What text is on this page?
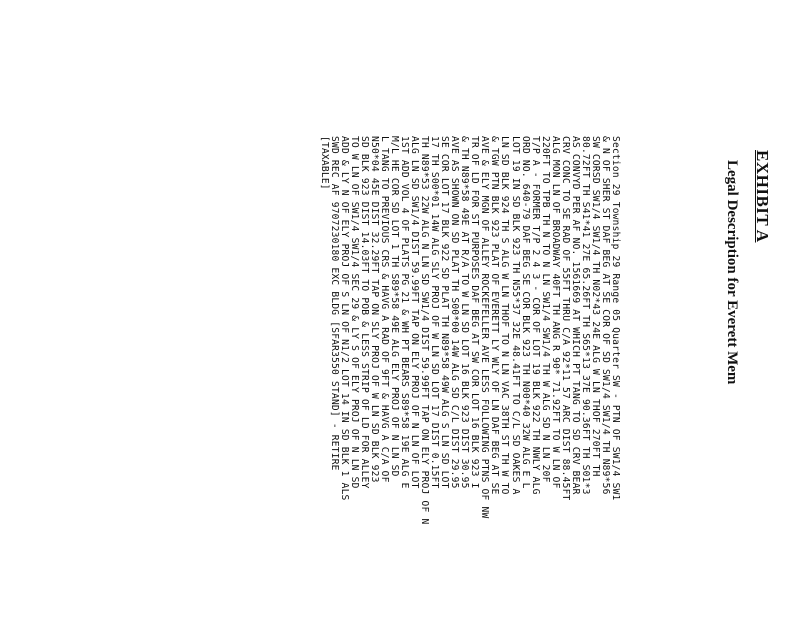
EXHIBIT A
Legal Description for Everett Mem
Section 29 Township 29 Range 05 Quarter SW - PTN OF SW1/4 SW1
& N OF SHER ST DAF BEG AT SE COR OF SD SW1/4 SW1/4 TH N89*56
SW CORSD SW1/4 SW1/4 TH N02*43 24E ALG W LN THOF 270FT TH
80.72FT TH S41*41 27E 65.26FT TH S65*13 37E 90.36FT TH S01*3
AS CONVYD PER AF NO. 1561669 AT WHICH PT TANG TO SD CRV BEAR
CRV CONC TO SE RAD OF 55FT THRU C/A 92*11 57 ARC DIST 88.45FT
ALG MON LN OF BROADWAY 40FT TH ANG R 90* 71.92FT TO W LN OF
220FT TO TPB TH N TO N LN SW1/4 SW1/4 TH W ALG SD N LN 20F
T/P A - FORMER T/P 2 4 3 - COR OF LOT 19 BLK 922 TH NWLY ALG
ORD NO. 640-79 DAF BEG SE COR BLK 923 TH N00*40 32W ALG E L
LOT 19 IN SD BLK 923 TH N55*37 32E 48.41FT TO C/L SD OAKES A
LN SD BLK 924 TH S ALG W LN THOF TO N LN VAC 38TH ST TH W TO
& TGW PTN BLK 923 PLAT OF EVERETT LY WLY OF LN DAF BEG AT SE
AVE & ELY MGN OF ALLEY ROCKEFELLER AVE LESS FOLLOWING PTNS OF NW
TR OF LD FOR ST PURPOSES DAF BEG AT SW COR LOT 16 BLK 923 I
& TH N89*58 49E AT R/A TO W LN SD LOT 16 BLK 923 DIST 30.95
AVE AS SHOWN ON SD PLAT TH S00*00 14W ALG SD C/L DIST 29.95
SE COR LOT 17 BLK 922 SD PLAT TH N89*58 49W ALG S LN SD LOT
17 TH S00*01 14W ALG SLY PROJ OF W LN SD LOT 17 DIST 0.15FT
TH N89*53 22W ALG N LN SD SW1/4 DIST 59.99FT TAP ON ELY PROJ OF N
ALG LN SD SW1/4 DIST 59.99FT TAP ON ELY PROJ OF N LN OF LOT
1ST ADD VOL 4 OF PLATS PG 21 & WH PT BEARS S89*58 19E ALG E
M/L HE COR SD LOT 1 TH S89*58 49E ALG ELY PROJ OF N LN SD
L TANG TO PREVIOUS CRS & HAVG A RAD OF 9FT & HAVG A C/A OF
N50*04 45E DIST 32.29FT TAP ON SLY PROJ OF W LN SD BLK 923
SD BLK 923 DIST 14.03FT TO POB & LESS STRIP OF LD FOR ALLEY
TO W LN OF SW1/4 SW1/4 SEC 29 & LY S OF ELY PROJ OF N LN SD
ADD & LY N OF ELY PROJ OF S LN OF N1/2 LOT 14 IN SD BLK 1 ALS
SWD REC AF 9707230180 EXC BLDG [SFAR3550 STAND] - RETIRE
[TAXABLE]
